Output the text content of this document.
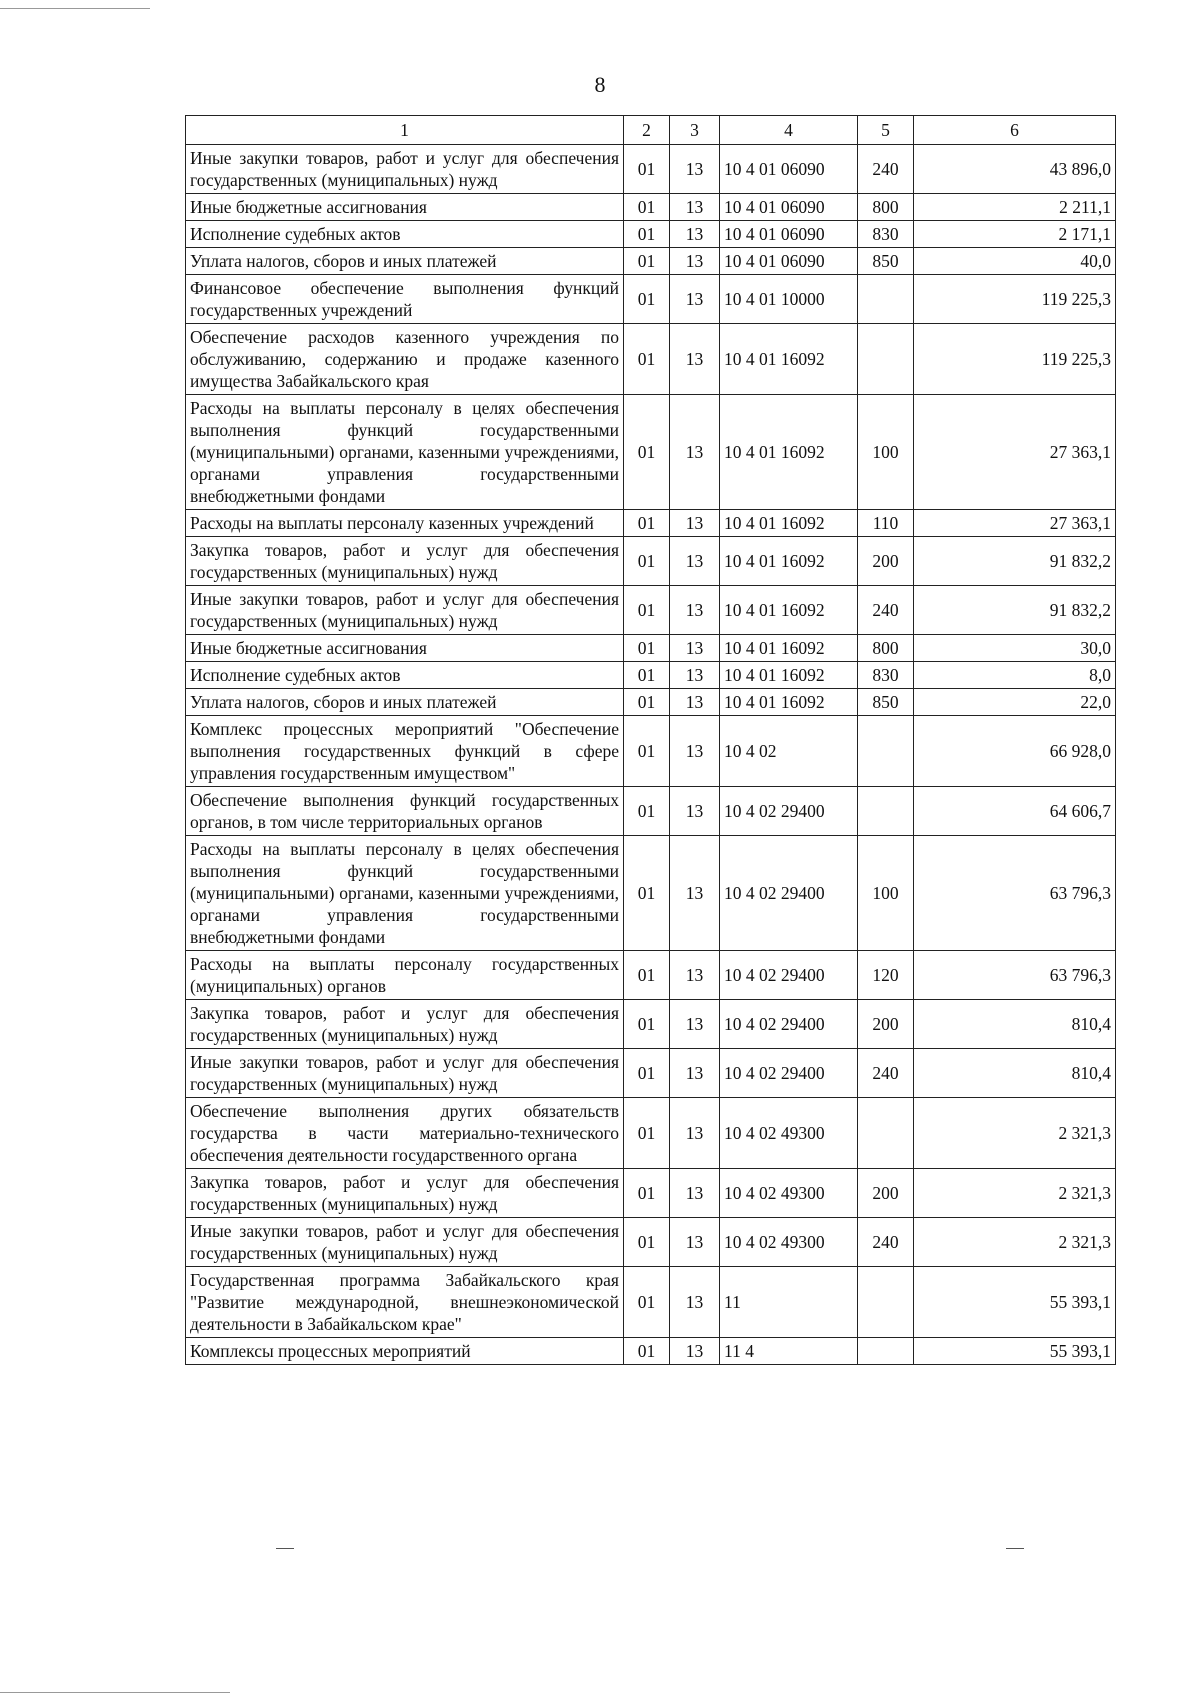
8
1	2	3	4	5	6
Иные закупки товаров, работ и услуг для обеспечения государственных (муниципальных) нужд	01	13	10 4 01 06090	240	43 896,0
Иные бюджетные ассигнования	01	13	10 4 01 06090	800	2 211,1
Исполнение судебных актов	01	13	10 4 01 06090	830	2 171,1
Уплата налогов, сборов и иных платежей	01	13	10 4 01 06090	850	40,0
Финансовое обеспечение выполнения функций государственных учреждений	01	13	10 4 01 10000		119 225,3
Обеспечение расходов казенного учреждения по обслуживанию, содержанию и продаже казенного имущества Забайкальского края	01	13	10 4 01 16092		119 225,3
Расходы на выплаты персоналу в целях обеспечения выполнения функций государственными (муниципальными) органами, казенными учреждениями, органами управления государственными внебюджетными фондами	01	13	10 4 01 16092	100	27 363,1
Расходы на выплаты персоналу казенных учреждений	01	13	10 4 01 16092	110	27 363,1
Закупка товаров, работ и услуг для обеспечения государственных (муниципальных) нужд	01	13	10 4 01 16092	200	91 832,2
Иные закупки товаров, работ и услуг для обеспечения государственных (муниципальных) нужд	01	13	10 4 01 16092	240	91 832,2
Иные бюджетные ассигнования	01	13	10 4 01 16092	800	30,0
Исполнение судебных актов	01	13	10 4 01 16092	830	8,0
Уплата налогов, сборов и иных платежей	01	13	10 4 01 16092	850	22,0
Комплекс процессных мероприятий "Обеспечение выполнения государственных функций в сфере управления государственным имуществом"	01	13	10 4 02		66 928,0
Обеспечение выполнения функций государственных органов, в том числе территориальных органов	01	13	10 4 02 29400		64 606,7
Расходы на выплаты персоналу в целях обеспечения выполнения функций государственными (муниципальными) органами, казенными учреждениями, органами управления государственными внебюджетными фондами	01	13	10 4 02 29400	100	63 796,3
Расходы на выплаты персоналу государственных (муниципальных) органов	01	13	10 4 02 29400	120	63 796,3
Закупка товаров, работ и услуг для обеспечения государственных (муниципальных) нужд	01	13	10 4 02 29400	200	810,4
Иные закупки товаров, работ и услуг для обеспечения государственных (муниципальных) нужд	01	13	10 4 02 29400	240	810,4
Обеспечение выполнения других обязательств государства в части материально-технического обеспечения деятельности государственного органа	01	13	10 4 02 49300		2 321,3
Закупка товаров, работ и услуг для обеспечения государственных (муниципальных) нужд	01	13	10 4 02 49300	200	2 321,3
Иные закупки товаров, работ и услуг для обеспечения государственных (муниципальных) нужд	01	13	10 4 02 49300	240	2 321,3
Государственная программа Забайкальского края "Развитие международной, внешнеэкономической деятельности в Забайкальском крае"	01	13	11		55 393,1
Комплексы процессных мероприятий	01	13	11 4		55 393,1
